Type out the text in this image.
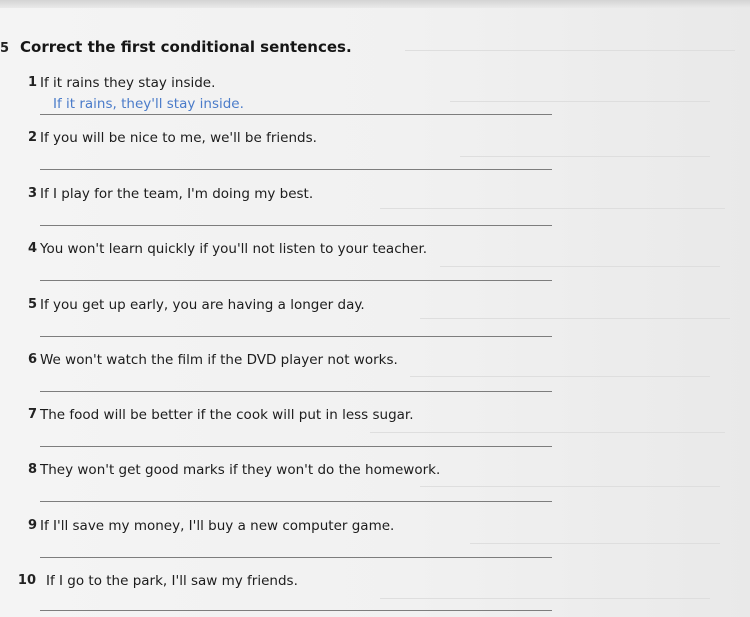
5 Correct the first conditional sentences.
1 If it rains they stay inside.
If it rains, they'll stay inside.
2 If you will be nice to me, we'll be friends.
3 If I play for the team, I'm doing my best.
4 You won't learn quickly if you'll not listen to your teacher.
5 If you get up early, you are having a longer day.
6 We won't watch the film if the DVD player not works.
7 The food will be better if the cook will put in less sugar.
8 They won't get good marks if they won't do the homework.
9 If I'll save my money, I'll buy a new computer game.
10 If I go to the park, I'll saw my friends.
